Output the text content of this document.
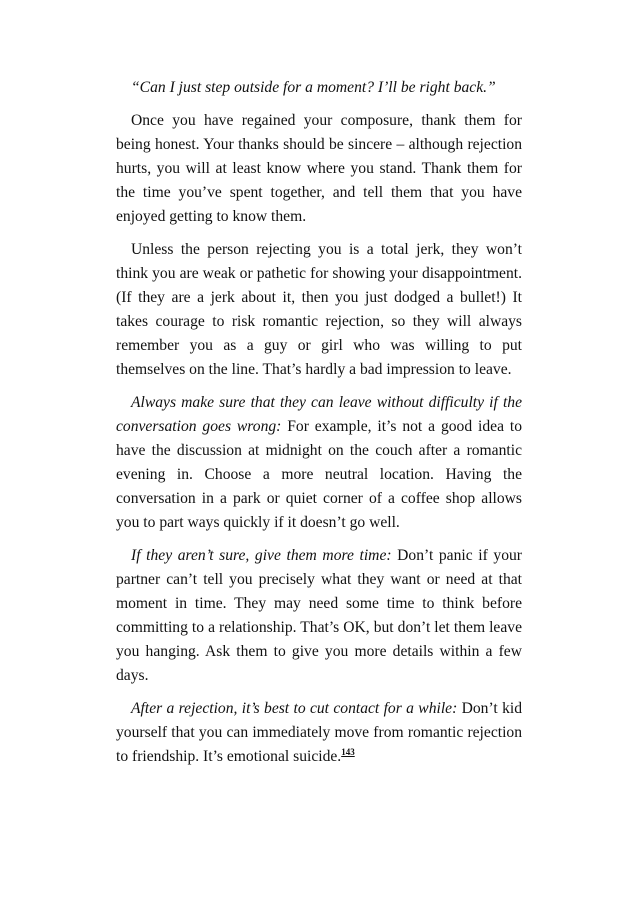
“Can I just step outside for a moment? I’ll be right back.”

Once you have regained your composure, thank them for being honest. Your thanks should be sincere – although rejection hurts, you will at least know where you stand. Thank them for the time you’ve spent together, and tell them that you have enjoyed getting to know them.

Unless the person rejecting you is a total jerk, they won’t think you are weak or pathetic for showing your disappointment. (If they are a jerk about it, then you just dodged a bullet!) It takes courage to risk romantic rejection, so they will always remember you as a guy or girl who was willing to put themselves on the line. That’s hardly a bad impression to leave.

Always make sure that they can leave without difficulty if the conversation goes wrong: For example, it’s not a good idea to have the discussion at midnight on the couch after a romantic evening in. Choose a more neutral location. Having the conversation in a park or quiet corner of a coffee shop allows you to part ways quickly if it doesn’t go well.

If they aren’t sure, give them more time: Don’t panic if your partner can’t tell you precisely what they want or need at that moment in time. They may need some time to think before committing to a relationship. That’s OK, but don’t let them leave you hanging. Ask them to give you more details within a few days.

After a rejection, it’s best to cut contact for a while: Don’t kid yourself that you can immediately move from romantic rejection to friendship. It’s emotional suicide.$^{143}$
